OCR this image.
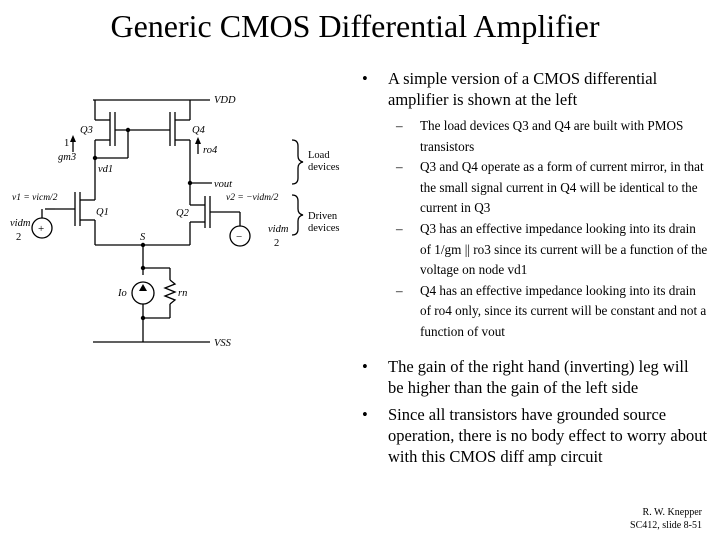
Generic CMOS Differential Amplifier
VDD
VSS
Q3	Q4
Q1	Q2
ro4
vd1
vout
S
Io	rn
v1 = vicm/2	v2 = −vidm/2
vidm
2
vidm
2
1
gm3	Load
devices
Driven
devices
+
−
• A simple version of a CMOS differential amplifier is shown at the left
– The load devices Q3 and Q4 are built with PMOS transistors
– Q3 and Q4 operate as a form of current mirror, in that the small signal current in Q4 will be identical to the current in Q3
– Q3 has an effective impedance looking into its drain of 1/gm || ro3 since its current will be a function of the voltage on node vd1
– Q4 has an effective impedance looking into its drain of ro4 only, since its current will be constant and not a function of vout
• The gain of the right hand (inverting) leg will be higher than the gain of the left side
• Since all transistors have grounded source operation, there is no body effect to worry about with this CMOS diff amp circuit
R. W. Knepper
SC412, slide 8-51
